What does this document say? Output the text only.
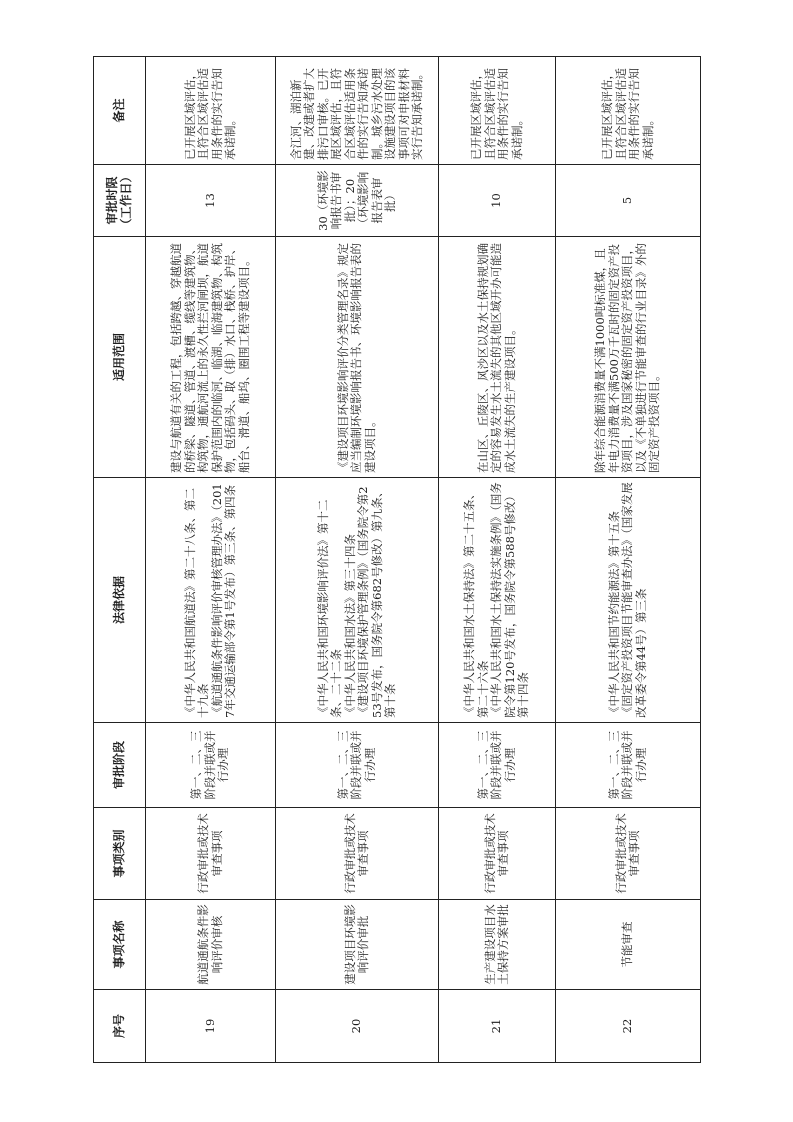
序号	事项名称	事项类别	审批阶段	法律依据	适用范围	审批时限 （工作日）	备注
19	航道通航条件影响评价审核	行政审批或技术审查事项	第一、二、三阶段并联或并行办理	《中华人民共和国航道法》第二十八条、第二十九条 《航道通航条件影响评价审核管理办法》（2017年交通运输部令第1号发布）第三条、第四条	建设与航道有关的工程，包括跨越、穿越航道的桥梁、隧道、管道、渡槽、缆线等建筑物、构筑物，通航河流上的永久性拦河闸坝，航道保护范围内的临河、临湖、临海建筑物、构筑物，包括码头、取（排）水口、栈桥、护岸、船台、滑道、船坞、圈围工程等建设项目。	13	已开展区域评估，且符合区域评估适用条件的实行告知承诺制。
20	建设项目环境影响评价审批	行政审批或技术审查事项	第一、二、三阶段并联或并行办理	《中华人民共和国环境影响评价法》第十二条、二十二条 《中华人民共和国水法》第三十四条 《建设项目环境保护管理条例》（国务院令第253号发布，国务院令第682号修改）第九条、第十条	《建设项目环境影响评价分类管理名录》规定应当编制环境影响报告书、环境影响报告表的建设项目。	30（环境影响报告书审批）；20（环境影响报告表审批）	含江河、湖泊新建、改建或者扩大排污口审核。已开展区域评估，且符合区域评估适用条件的实行告知承诺制。城乡污水处理设施建设项目的该事项可对申报材料实行告知承诺制。
21	生产建设项目水土保持方案审批	行政审批或技术审查事项	第一、二、三阶段并联或并行办理	《中华人民共和国水土保持法》第二十五条、第二十六条 《中华人民共和国水土保持法实施条例》（国务院令第120号发布，国务院令第588号修改）第十四条	在山区、丘陵区、风沙区以及水土保持规划确定的容易发生水土流失的其他区域开办可能造成水土流失的生产建设项目。	10	已开展区域评估，且符合区域评估适用条件的实行告知承诺制。
22	节能审查	行政审批或技术审查事项	第一、二、三阶段并联或并行办理	《中华人民共和国节约能源法》第十五条 《固定资产投资项目节能审查办法》（国家发展改革委令第44号）第三条	除年综合能源消费量不满1000吨标准煤，且年电力消费量不满500万千瓦时的固定资产投资项目，涉及国家秘密的固定资产投资项目，以及《不单独进行节能审查的行业目录》外的固定资产投资项目。	5	已开展区域评估，且符合区域评估适用条件的实行告知承诺制。
